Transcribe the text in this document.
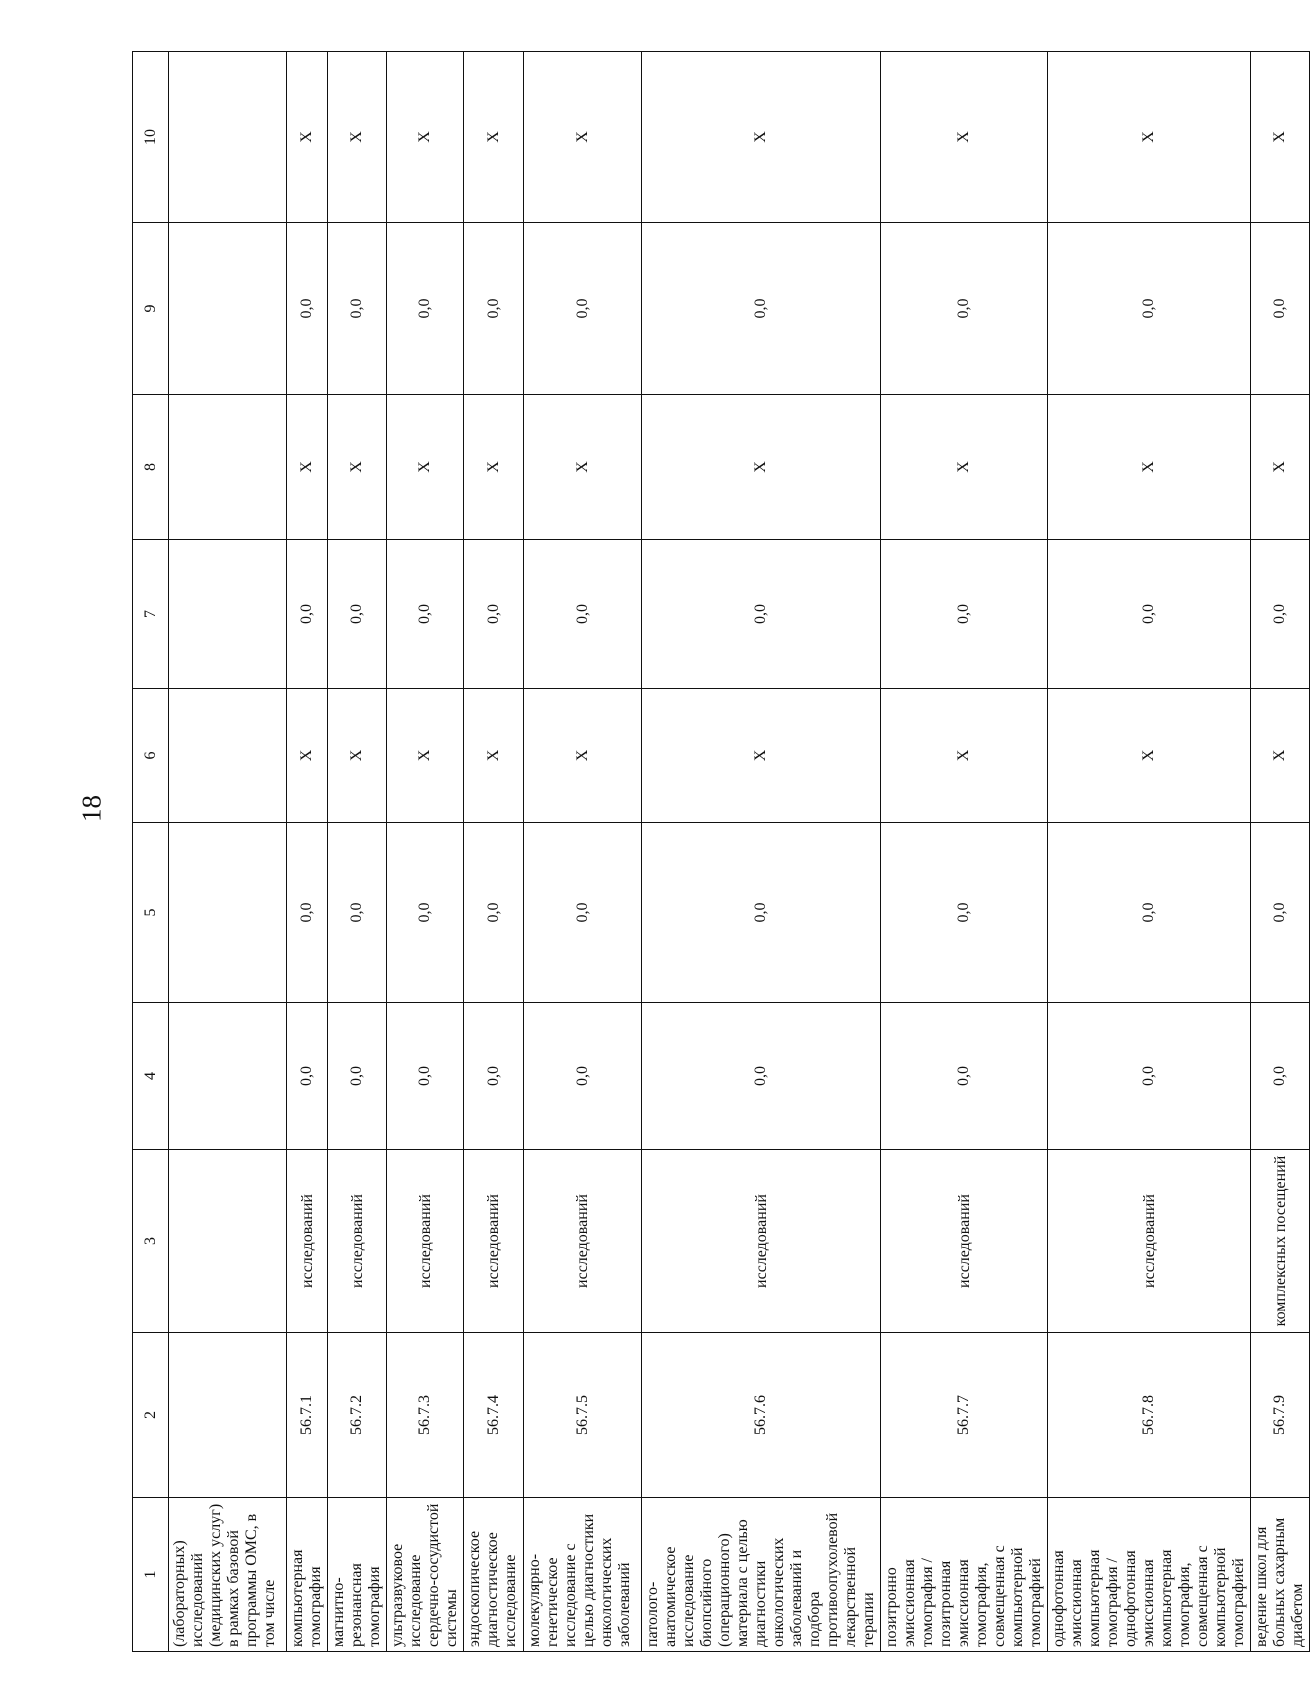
18
1	2	3	4	5	6	7	8	9	10
(лабораторных) исследований (медицинских услуг) в рамках базовой программы ОМС, в том числе									
компьютерная томография	56.7.1	исследований	0,0	0,0	X	0,0	X	0,0	X
магнитно-резонансная томография	56.7.2	исследований	0,0	0,0	X	0,0	X	0,0	X
ультразвуковое исследование сердечно-сосудистой системы	56.7.3	исследований	0,0	0,0	X	0,0	X	0,0	X
эндоскопическое диагностическое исследование	56.7.4	исследований	0,0	0,0	X	0,0	X	0,0	X
молекулярно-генетическое исследование с целью диагностики онкологических заболеваний	56.7.5	исследований	0,0	0,0	X	0,0	X	0,0	X
патолого-анатомическое исследование биопсийного (операционного) материала с целью диагностики онкологических заболеваний и подбора противоопухолевой лекарственной терапии	56.7.6	исследований	0,0	0,0	X	0,0	X	0,0	X
позитронно эмиссионная томография / позитронная эмиссионная томография, совмещенная с компьютерной томографией	56.7.7	исследований	0,0	0,0	X	0,0	X	0,0	X
однофотонная эмиссионная компьютерная томография / однофотонная эмиссионная компьютерная томография, совмещенная с компьютерной томографией	56.7.8	исследований	0,0	0,0	X	0,0	X	0,0	X
ведение школ для больных сахарным диабетом	56.7.9	комплексных посещений	0,0	0,0	X	0,0	X	0,0	X
